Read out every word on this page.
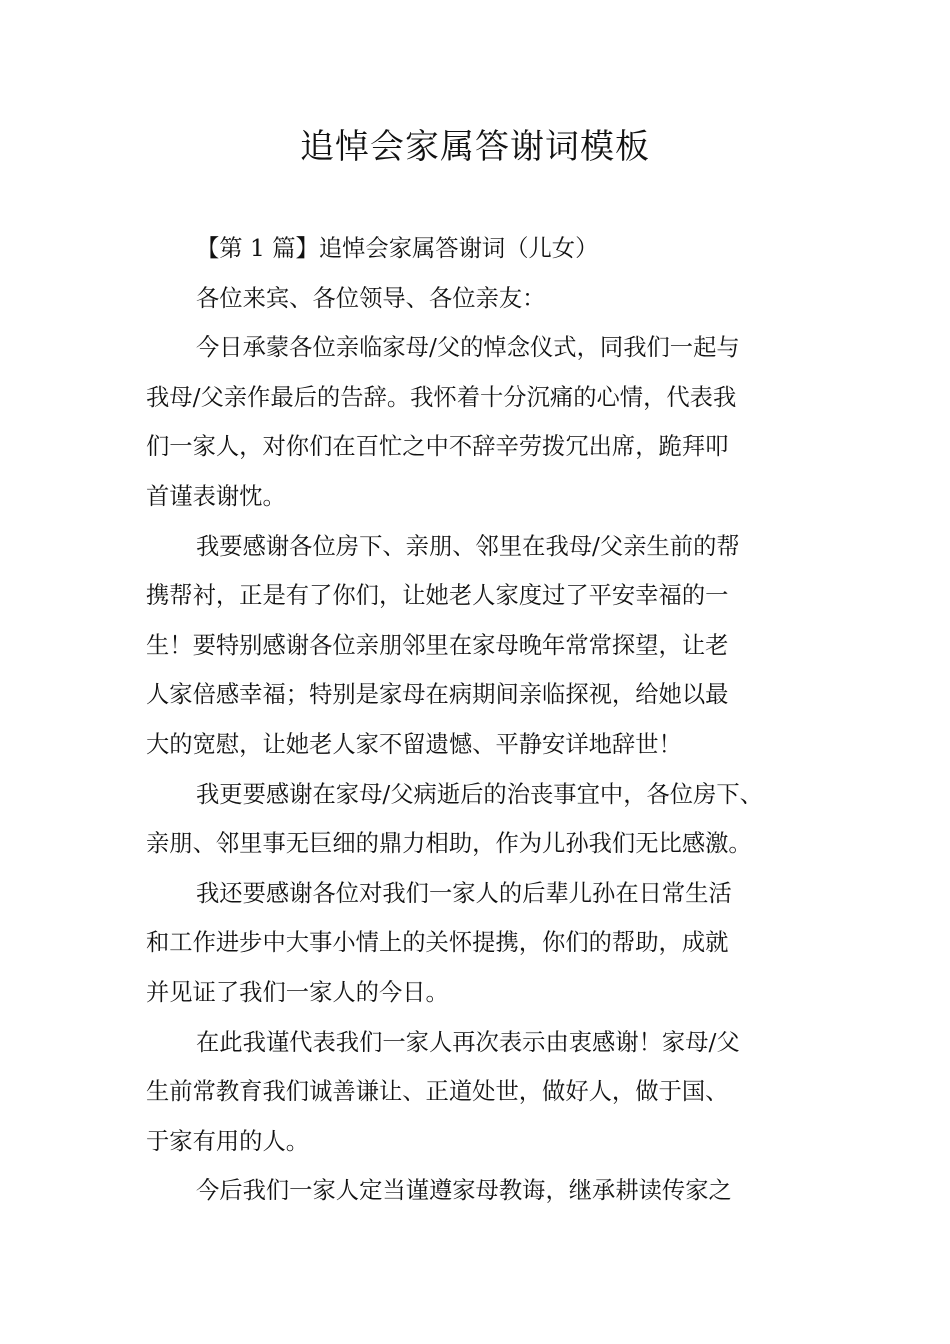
追悼会家属答谢词模板
【第 1 篇】追悼会家属答谢词（儿女）
各位来宾、各位领导、各位亲友：
今日承蒙各位亲临家母/父的悼念仪式，同我们一起与
我母/父亲作最后的告辞。我怀着十分沉痛的心情，代表我
们一家人，对你们在百忙之中不辞辛劳拨冗出席，跪拜叩
首谨表谢忱。
我要感谢各位房下、亲朋、邻里在我母/父亲生前的帮
携帮衬，正是有了你们，让她老人家度过了平安幸福的一
生！要特别感谢各位亲朋邻里在家母晚年常常探望，让老
人家倍感幸福；特别是家母在病期间亲临探视，给她以最
大的宽慰，让她老人家不留遗憾、平静安详地辞世！
我更要感谢在家母/父病逝后的治丧事宜中，各位房下、
亲朋、邻里事无巨细的鼎力相助，作为儿孙我们无比感激。
我还要感谢各位对我们一家人的后辈儿孙在日常生活
和工作进步中大事小情上的关怀提携，你们的帮助，成就
并见证了我们一家人的今日。
在此我谨代表我们一家人再次表示由衷感谢！家母/父
生前常教育我们诚善谦让、正道处世，做好人，做于国、
于家有用的人。
今后我们一家人定当谨遵家母教诲，继承耕读传家之
